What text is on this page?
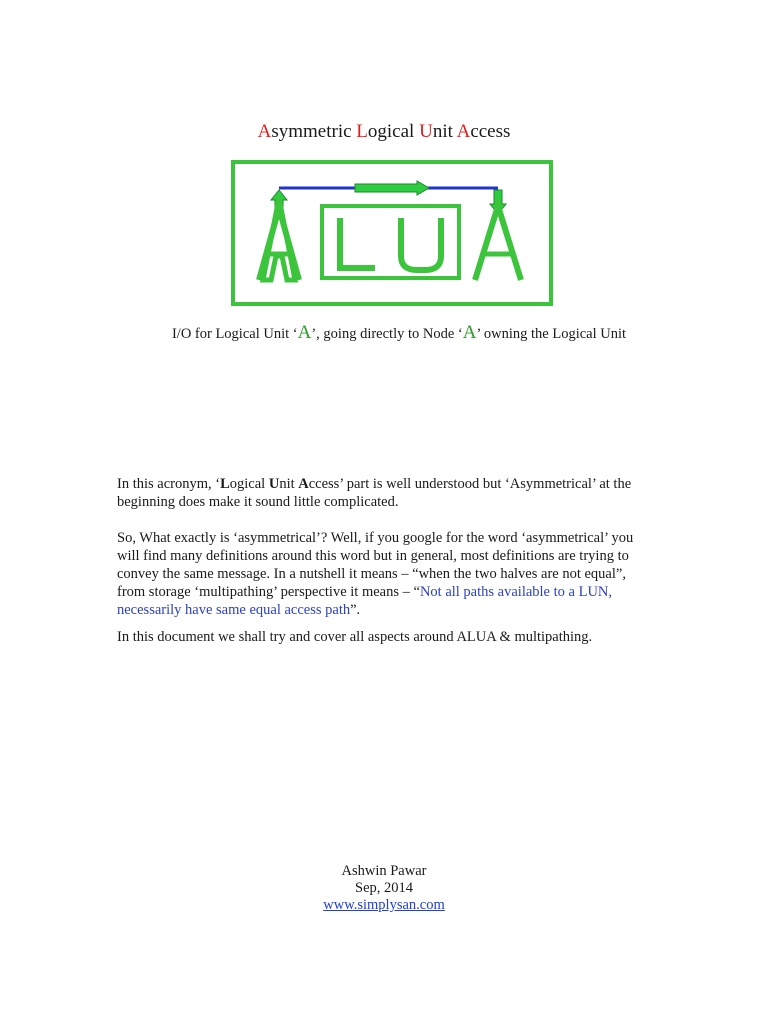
Asymmetric Logical Unit Access
I/O for Logical Unit ‘A’, going directly to Node ‘A’ owning the Logical Unit

In this acronym, ‘Logical Unit Access’ part is well understood but ‘Asymmetrical’ at the beginning does make it sound little complicated.

So, What exactly is ‘asymmetrical’? Well, if you google for the word ‘asymmetrical’ you will find many definitions around this word but in general, most definitions are trying to convey the same message. In a nutshell it means – “when the two halves are not equal”, from storage ‘multipathing’ perspective it means – “Not all paths available to a LUN, necessarily have same equal access path”.

In this document we shall try and cover all aspects around ALUA & multipathing.

Ashwin Pawar
Sep, 2014
www.simplysan.com
